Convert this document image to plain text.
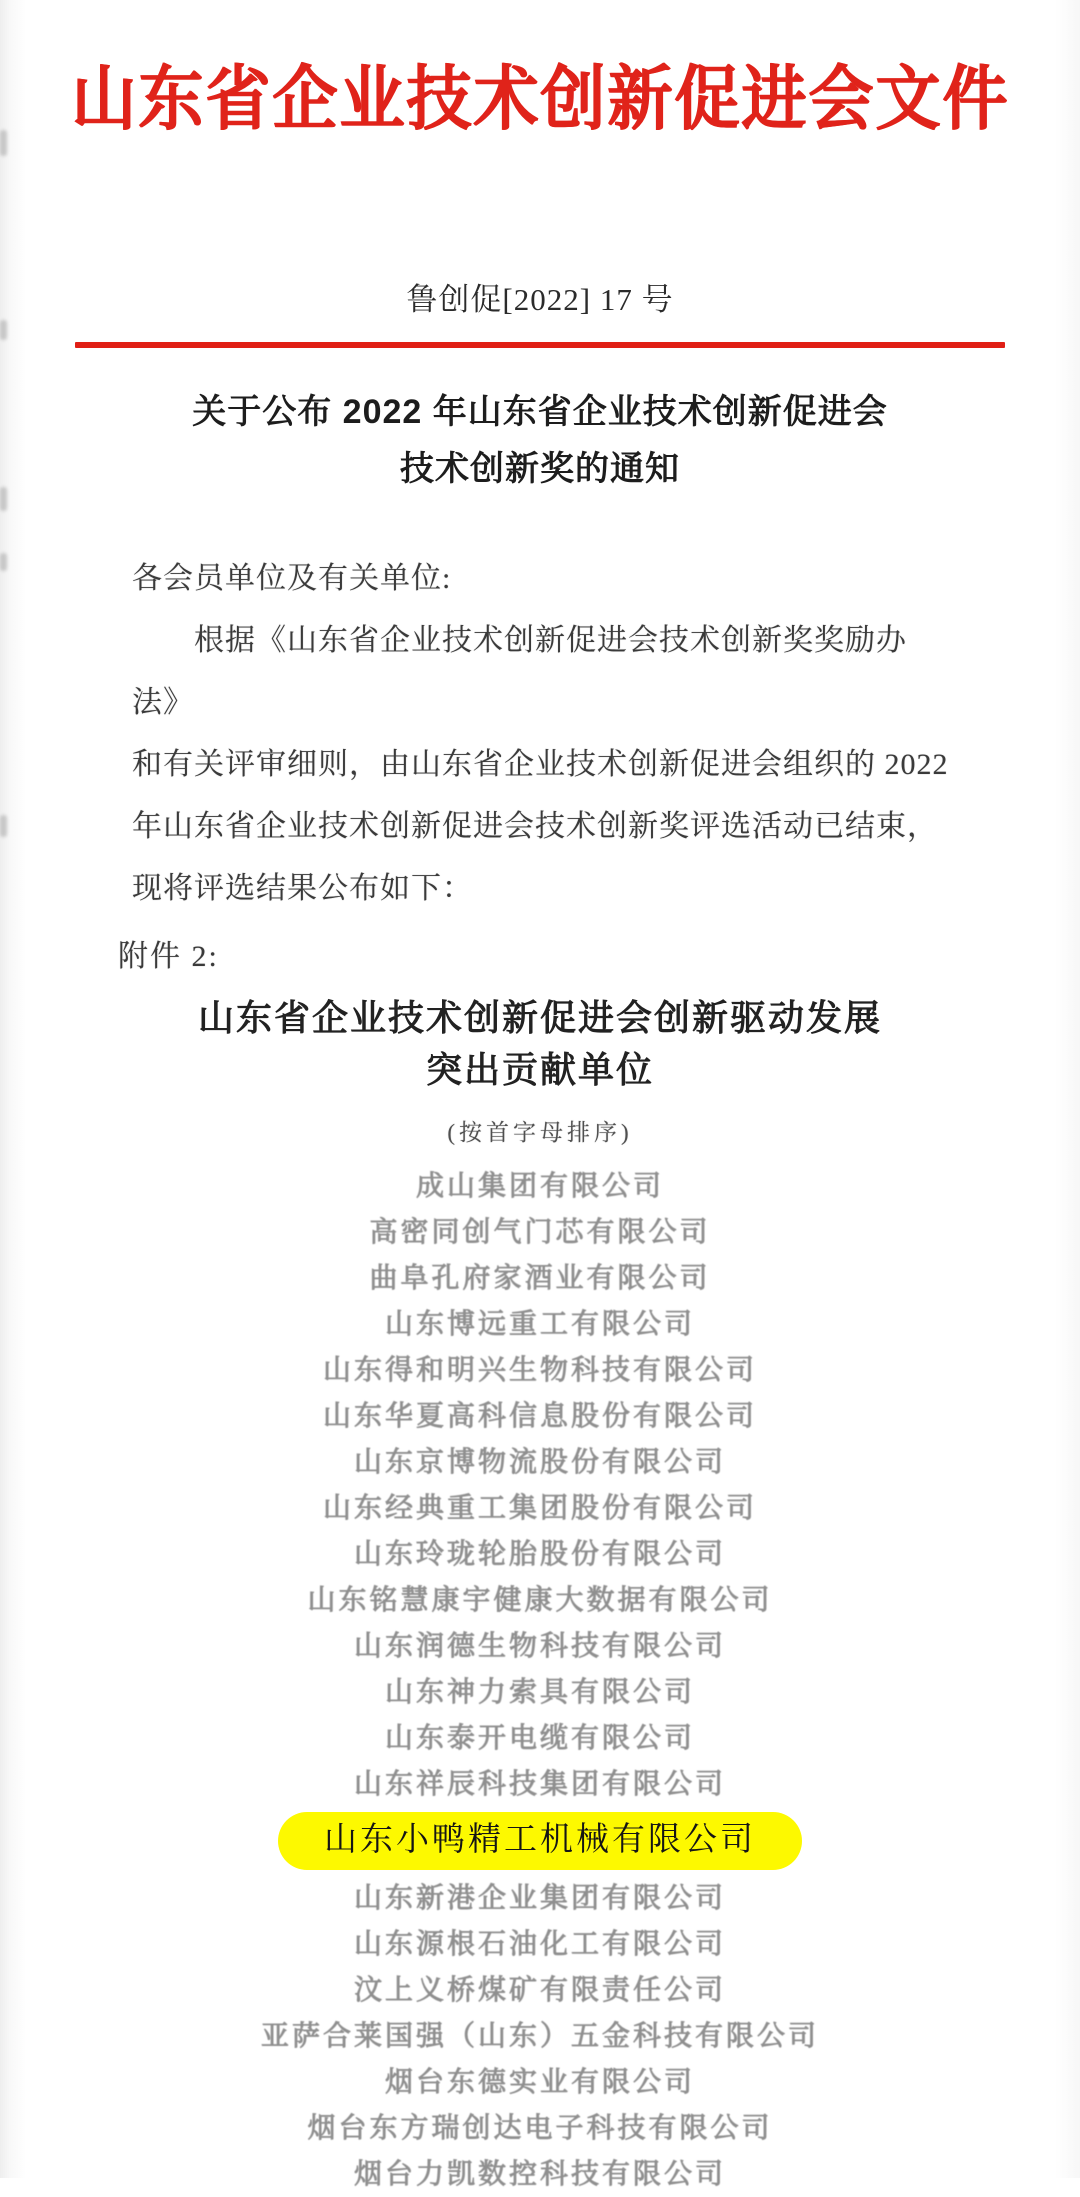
山东省企业技术创新促进会文件
鲁创促[2022] 17 号
关于公布 2022 年山东省企业技术创新促进会
技术创新奖的通知
各会员单位及有关单位:
根据《山东省企业技术创新促进会技术创新奖奖励办法》
和有关评审细则，由山东省企业技术创新促进会组织的 2022
年山东省企业技术创新促进会技术创新奖评选活动已结束，
现将评选结果公布如下：
附件 2:
山东省企业技术创新促进会创新驱动发展
突出贡献单位
(按首字母排序)
成山集团有限公司
高密同创气门芯有限公司
曲阜孔府家酒业有限公司
山东博远重工有限公司
山东得和明兴生物科技有限公司
山东华夏高科信息股份有限公司
山东京博物流股份有限公司
山东经典重工集团股份有限公司
山东玲珑轮胎股份有限公司
山东铭慧康宇健康大数据有限公司
山东润德生物科技有限公司
山东神力索具有限公司
山东泰开电缆有限公司
山东祥辰科技集团有限公司
山东小鸭精工机械有限公司
山东新港企业集团有限公司
山东源根石油化工有限公司
汶上义桥煤矿有限责任公司
亚萨合莱国强（山东）五金科技有限公司
烟台东德实业有限公司
烟台东方瑞创达电子科技有限公司
烟台力凯数控科技有限公司
